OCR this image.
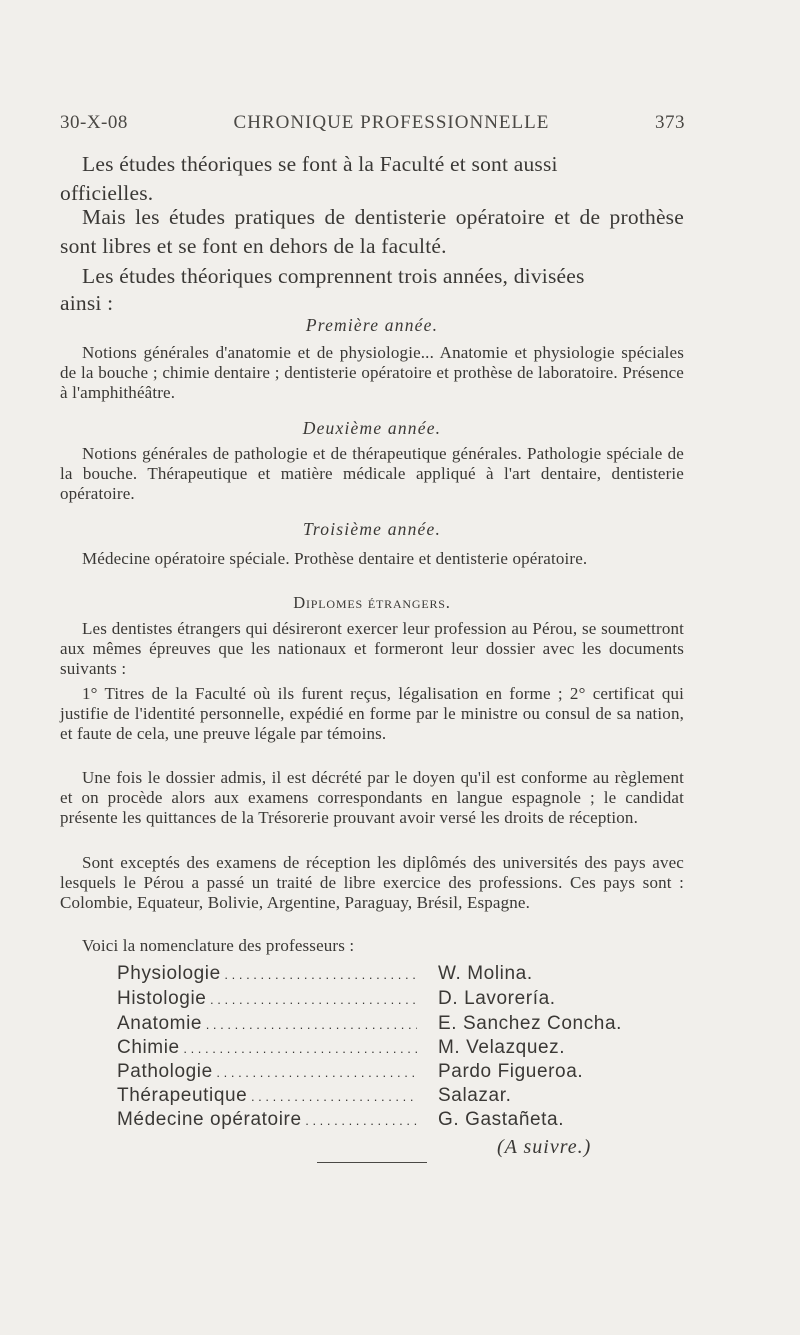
30-X-08	CHRONIQUE PROFESSIONNELLE	373

Les études théoriques se font à la Faculté et sont aussi

officielles.

Mais les études pratiques de dentisterie opératoire et de prothèse sont libres et se font en dehors de la faculté.

Les études théoriques comprennent trois années, divisées

ainsi :

Première année.

Notions générales d'anatomie et de physiologie... Anatomie et physiologie spéciales de la bouche ; chimie dentaire ; dentisterie opératoire et prothèse de laboratoire. Présence à l'amphithéâtre.

Deuxième année.

Notions générales de pathologie et de thérapeutique générales. Pathologie spéciale de la bouche. Thérapeutique et matière médicale appliqué à l'art dentaire, dentisterie opératoire.

Troisième année.

Médecine opératoire spéciale. Prothèse dentaire et dentisterie opératoire.

Diplomes étrangers.

Les dentistes étrangers qui désireront exercer leur profession au Pérou, se soumettront aux mêmes épreuves que les nationaux et formeront leur dossier avec les documents suivants :

1° Titres de la Faculté où ils furent reçus, légalisation en forme ; 2° certificat qui justifie de l'identité personnelle, expédié en forme par le ministre ou consul de sa nation, et faute de cela, une preuve légale par témoins.

Une fois le dossier admis, il est décrété par le doyen qu'il est conforme au règlement et on procède alors aux examens correspondants en langue espagnole ; le candidat présente les quittances de la Trésorerie prouvant avoir versé les droits de réception.

Sont exceptés des examens de réception les diplômés des universités des pays avec lesquels le Pérou a passé un traité de libre exercice des professions. Ces pays sont : Colombie, Equateur, Bolivie, Argentine, Paraguay, Brésil, Espagne.

Voici la nomenclature des professeurs :

Physiologie . . .	W. Molina.
Histologie . . .	D. Lavorería.
Anatomie . . .	E. Sanchez Concha.
Chimie . . .	M. Velazquez.
Pathologie . . .	Pardo Figueroa.
Thérapeutique . . .	Salazar.
Médecine opératoire . . .	G. Gastañeta.

(A suivre.)
